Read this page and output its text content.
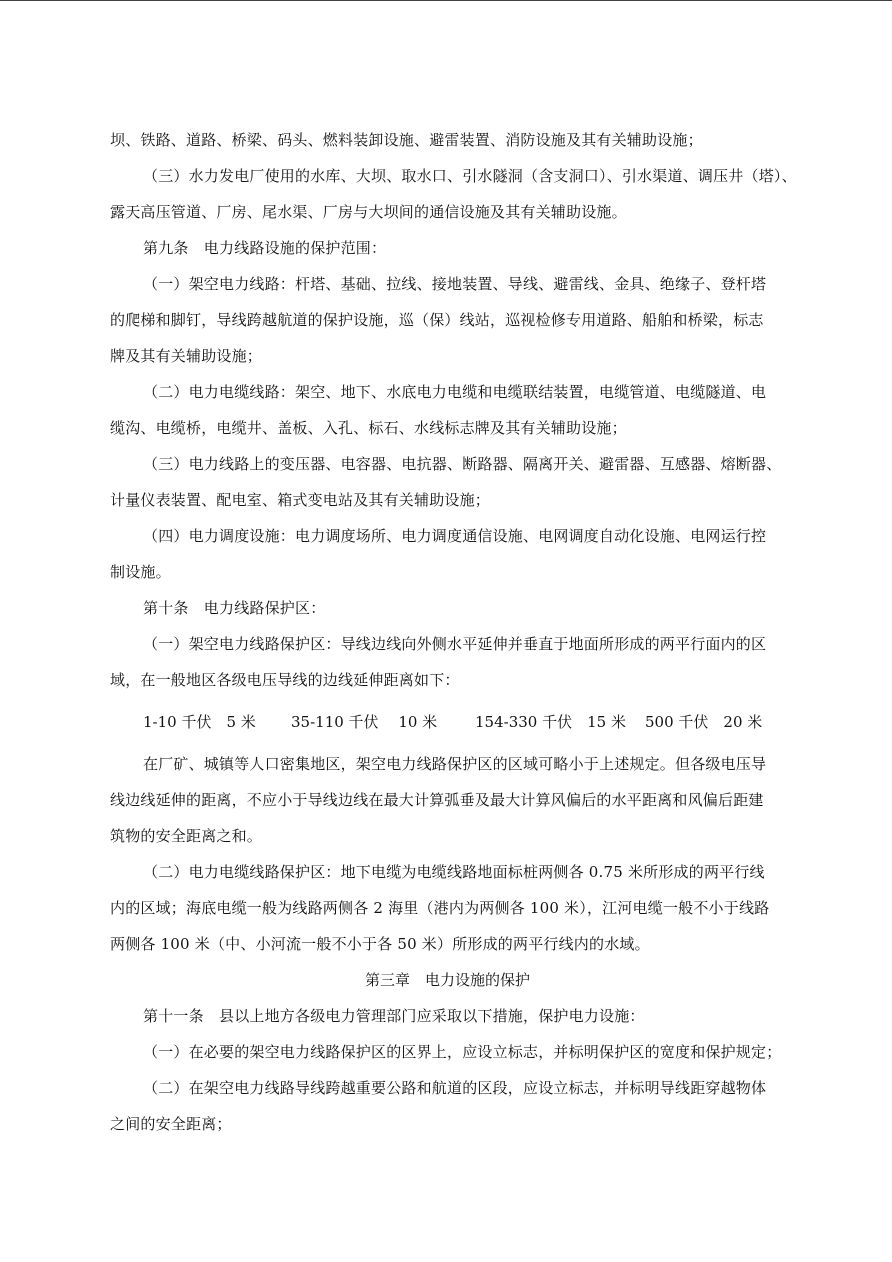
坝、铁路、道路、桥梁、码头、燃料装卸设施、避雷装置、消防设施及其有关辅助设施；

（三）水力发电厂使用的水库、大坝、取水口、引水隧洞（含支洞口）、引水渠道、调压井（塔）、

露天高压管道、厂房、尾水渠、厂房与大坝间的通信设施及其有关辅助设施。

第九条　电力线路设施的保护范围：

（一）架空电力线路：杆塔、基础、拉线、接地装置、导线、避雷线、金具、绝缘子、登杆塔

的爬梯和脚钉，导线跨越航道的保护设施，巡（保）线站，巡视检修专用道路、船舶和桥梁，标志

牌及其有关辅助设施；

（二）电力电缆线路：架空、地下、水底电力电缆和电缆联结装置，电缆管道、电缆隧道、电

缆沟、电缆桥，电缆井、盖板、入孔、标石、水线标志牌及其有关辅助设施；

（三）电力线路上的变压器、电容器、电抗器、断路器、隔离开关、避雷器、互感器、熔断器、

计量仪表装置、配电室、箱式变电站及其有关辅助设施；

（四）电力调度设施：电力调度场所、电力调度通信设施、电网调度自动化设施、电网运行控

制设施。

第十条　电力线路保护区：

（一）架空电力线路保护区：导线边线向外侧水平延伸并垂直于地面所形成的两平行面内的区

域，在一般地区各级电压导线的边线延伸距离如下：

1-10 千伏　5 米	35-110 千伏　 10 米	154-330 千伏　15 米	500 千伏　20 米

在厂矿、城镇等人口密集地区，架空电力线路保护区的区域可略小于上述规定。但各级电压导

线边线延伸的距离，不应小于导线边线在最大计算弧垂及最大计算风偏后的水平距离和风偏后距建

筑物的安全距离之和。

（二）电力电缆线路保护区：地下电缆为电缆线路地面标桩两侧各 0.75 米所形成的两平行线

内的区域；海底电缆一般为线路两侧各 2 海里（港内为两侧各 100 米），江河电缆一般不小于线路

两侧各 100 米（中、小河流一般不小于各 50 米）所形成的两平行线内的水域。

第三章　电力设施的保护

第十一条　县以上地方各级电力管理部门应采取以下措施，保护电力设施：

（一）在必要的架空电力线路保护区的区界上，应设立标志，并标明保护区的宽度和保护规定；

（二）在架空电力线路导线跨越重要公路和航道的区段，应设立标志，并标明导线距穿越物体

之间的安全距离；
